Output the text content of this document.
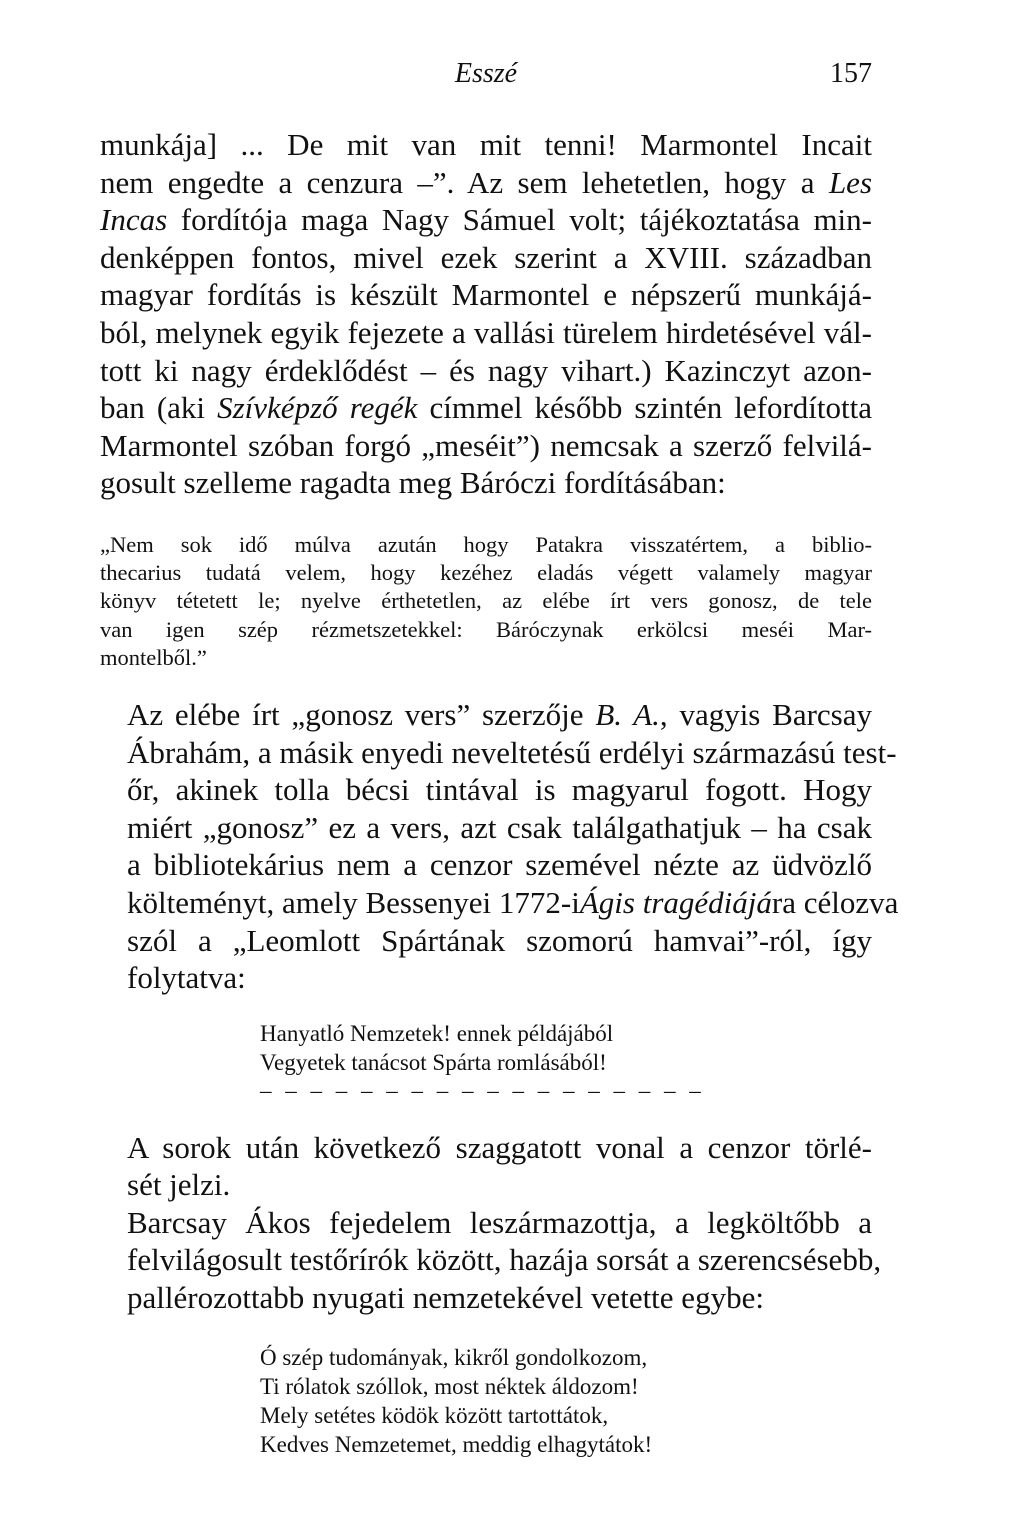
Esszé	157
munkája] ... De mit van mit tenni! Marmontel Incait
nem engedte a cenzura –”. Az sem lehetetlen, hogy a Les
Incas fordítója maga Nagy Sámuel volt; tájékoztatása min-
denképpen fontos, mivel ezek szerint a XVIII. században
magyar fordítás is készült Marmontel e népszerű munkájá-
ból, melynek egyik fejezete a vallási türelem hirdetésével vál-
tott ki nagy érdeklődést – és nagy vihart.) Kazinczyt azon-
ban (aki Szívképző regék címmel később szintén lefordította
Marmontel szóban forgó „meséit”) nemcsak a szerző felvilá-
gosult szelleme ragadta meg Báróczi fordításában:
„Nem sok idő múlva azután hogy Patakra visszatértem, a biblio-
thecarius tudatá velem, hogy kezéhez eladás végett valamely magyar
könyv tétetett le; nyelve érthetetlen, az elébe írt vers gonosz, de tele
van igen szép rézmetszetekkel: Báróczynak erkölcsi meséi Mar-
montelből.”
Az elébe írt „gonosz vers” szerzője B. A., vagyis Barcsay
Ábrahám, a másik enyedi neveltetésű erdélyi származású test-
őr, akinek tolla bécsi tintával is magyarul fogott. Hogy
miért „gonosz” ez a vers, azt csak találgathatjuk – ha csak
a bibliotekárius nem a cenzor szemével nézte az üdvözlő
költeményt, amely Bessenyei 1772-iÁgis tragédiájára célozva
szól a „Leomlott Spártának szomorú hamvai”-ról, így
folytatva:
Hanyatló Nemzetek! ennek példájából
Vegyetek tanácsot Spárta romlásából!
– – – – – – – – – – – – – – – – – –
A sorok után következő szaggatott vonal a cenzor törlé-
sét jelzi.
Barcsay Ákos fejedelem leszármazottja, a legköltőbb a
felvilágosult testőrírók között, hazája sorsát a szerencsésebb,
pallérozottabb nyugati nemzetekével vetette egybe:
Ó szép tudományak, kikről gondolkozom,
Ti rólatok szóllok, most néktek áldozom!
Mely setétes ködök között tartottátok,
Kedves Nemzetemet, meddig elhagytátok!
